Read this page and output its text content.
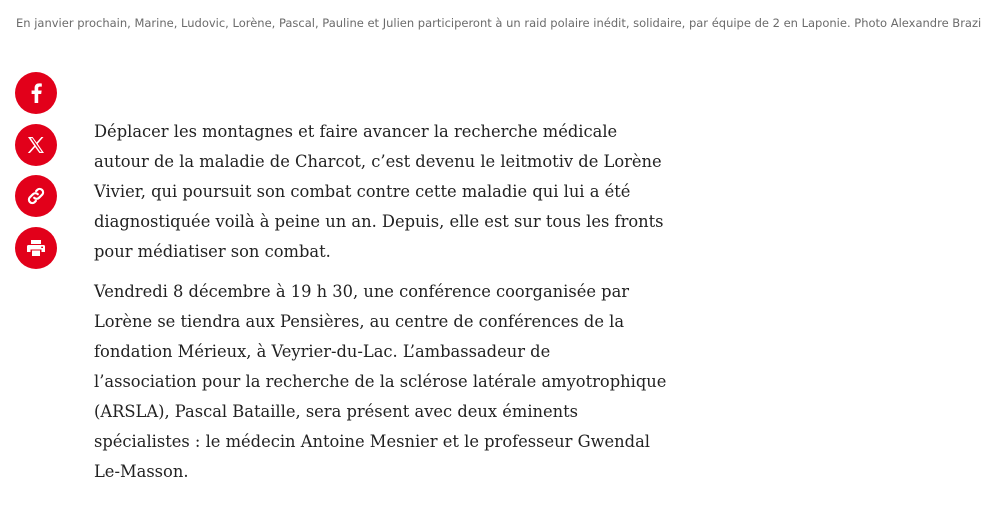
En janvier prochain, Marine, Ludovic, Lorène, Pascal, Pauline et Julien participeront à un raid polaire inédit, solidaire, par équipe de 2 en Laponie. Photo Alexandre Brazi

Déplacer les montagnes et faire avancer la recherche médicale
autour de la maladie de Charcot, c’est devenu le leitmotiv de Lorène
Vivier, qui poursuit son combat contre cette maladie qui lui a été
diagnostiquée voilà à peine un an. Depuis, elle est sur tous les fronts
pour médiatiser son combat.

Vendredi 8 décembre à 19 h 30, une conférence coorganisée par
Lorène se tiendra aux Pensières, au centre de conférences de la
fondation Mérieux, à Veyrier-du-Lac. L’ambassadeur de
l’association pour la recherche de la sclérose latérale amyotrophique
(ARSLA), Pascal Bataille, sera présent avec deux éminents
spécialistes : le médecin Antoine Mesnier et le professeur Gwendal
Le-Masson.
